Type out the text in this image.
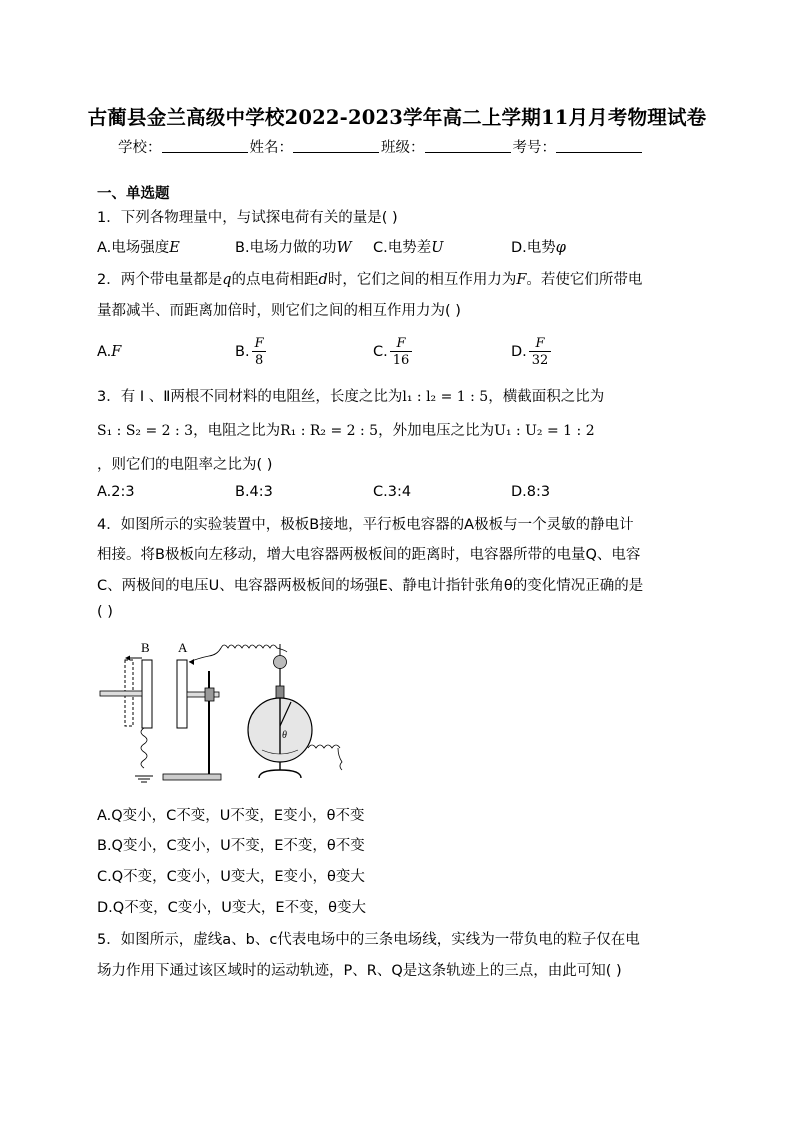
古蔺县金兰高级中学校2022-2023学年高二上学期11月月考物理试卷
学校：	姓名：	班级：	考号：
一、单选题
1．下列各物理量中，与试探电荷有关的量是( )
A.电场强度E	B.电场力做的功W	C.电势差U	D.电势φ
2．两个带电量都是q的点电荷相距d时，它们之间的相互作用力为F。若使它们所带电
量都减半、而距离加倍时，则它们之间的相互作用力为( )
A.F	B. $\frac{F}{8}$	C. $\frac{F}{16}$	D. $\frac{F}{32}$
3．有 Ⅰ 、Ⅱ两根不同材料的电阻丝，长度之比为l₁ : l₂ = 1 : 5，横截面积之比为
S₁ : S₂ = 2 : 3，电阻之比为R₁ : R₂ = 2 : 5，外加电压之比为U₁ : U₂ = 1 : 2
，则它们的电阻率之比为( )
A.2:3	B.4:3	C.3:4	D.8:3
4．如图所示的实验装置中，极板B接地，平行板电容器的A极板与一个灵敏的静电计
相接。将B极板向左移动，增大电容器两极板间的距离时，电容器所带的电量Q、电容
C、两极间的电压U、电容器两极板间的场强E、静电计指针张角θ的变化情况正确的是
( )
B A
θ
A.Q变小，C不变，U不变，E变小，θ不变
B.Q变小，C变小，U不变，E不变，θ不变
C.Q不变，C变小，U变大，E变小，θ变大
D.Q不变，C变小，U变大，E不变，θ变大
5．如图所示，虚线a、b、c代表电场中的三条电场线，实线为一带负电的粒子仅在电
场力作用下通过该区域时的运动轨迹，P、R、Q是这条轨迹上的三点，由此可知( )
